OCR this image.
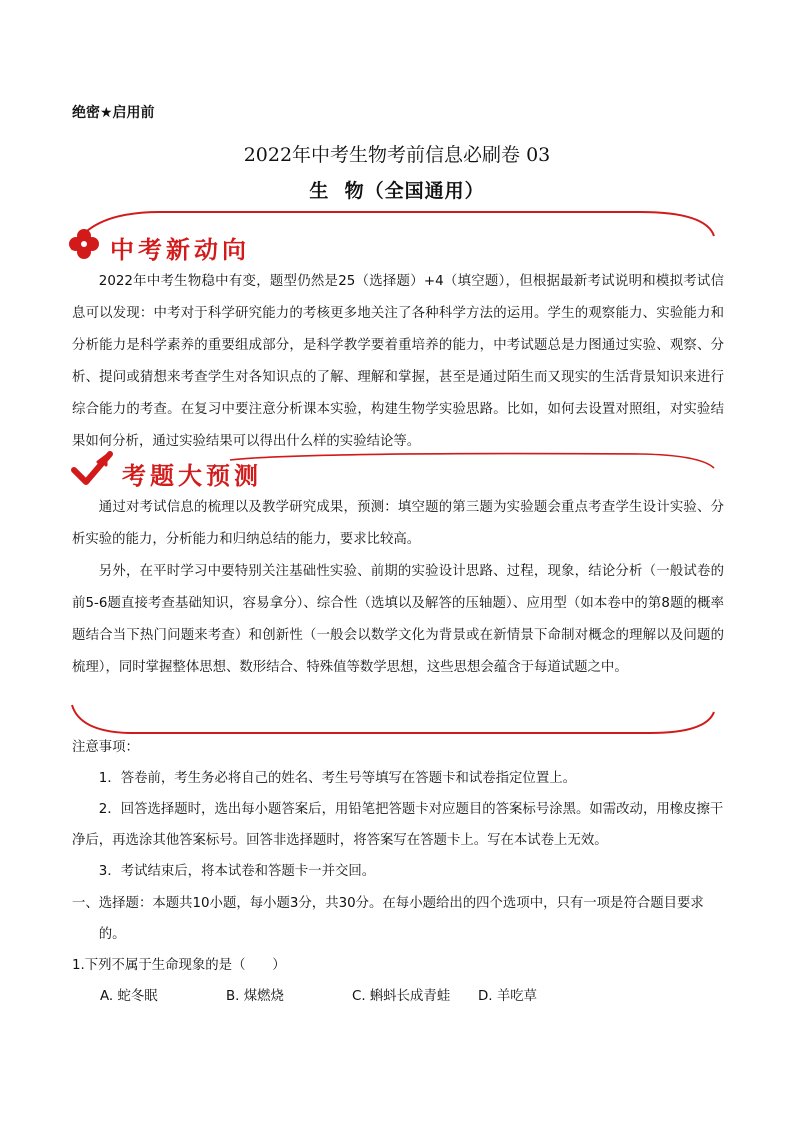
绝密★启用前
2022年中考生物考前信息必刷卷 03
生  物（全国通用）
中考新动向

2022年中考生物稳中有变，题型仍然是25（选择题）+4（填空题），但根据最新考试说明和模拟考试信息可以发现：中考对于科学研究能力的考核更多地关注了各种科学方法的运用。学生的观察能力、实验能力和分析能力是科学素养的重要组成部分，是科学教学要着重培养的能力，中考试题总是力图通过实验、观察、分析、提问或猜想来考查学生对各知识点的了解、理解和掌握，甚至是通过陌生而又现实的生活背景知识来进行综合能力的考查。在复习中要注意分析课本实验，构建生物学实验思路。比如，如何去设置对照组，对实验结果如何分析，通过实验结果可以得出什么样的实验结论等。

考题大预测

通过对考试信息的梳理以及教学研究成果，预测：填空题的第三题为实验题会重点考查学生设计实验、分析实验的能力，分析能力和归纳总结的能力，要求比较高。

另外，在平时学习中要特别关注基础性实验、前期的实验设计思路、过程，现象，结论分析（一般试卷的前5-6题直接考查基础知识，容易拿分）、综合性（选填以及解答的压轴题）、应用型（如本卷中的第8题的概率题结合当下热门问题来考查）和创新性（一般会以数学文化为背景或在新情景下命制对概念的理解以及问题的梳理），同时掌握整体思想、数形结合、特殊值等数学思想，这些思想会蕴含于每道试题之中。

注意事项：

1．答卷前，考生务必将自己的姓名、考生号等填写在答题卡和试卷指定位置上。

2．回答选择题时，选出每小题答案后，用铅笔把答题卡对应题目的答案标号涂黑。如需改动，用橡皮擦干净后，再选涂其他答案标号。回答非选择题时，将答案写在答题卡上。写在本试卷上无效。

3．考试结束后，将本试卷和答题卡一并交回。

一、选择题：本题共10小题，每小题3分，共30分。在每小题给出的四个选项中，只有一项是符合题目要求的。

1.下列不属于生命现象的是（　　）

A. 蛇冬眠	B. 煤燃烧	C. 蝌蚪长成青蛙	D. 羊吃草
